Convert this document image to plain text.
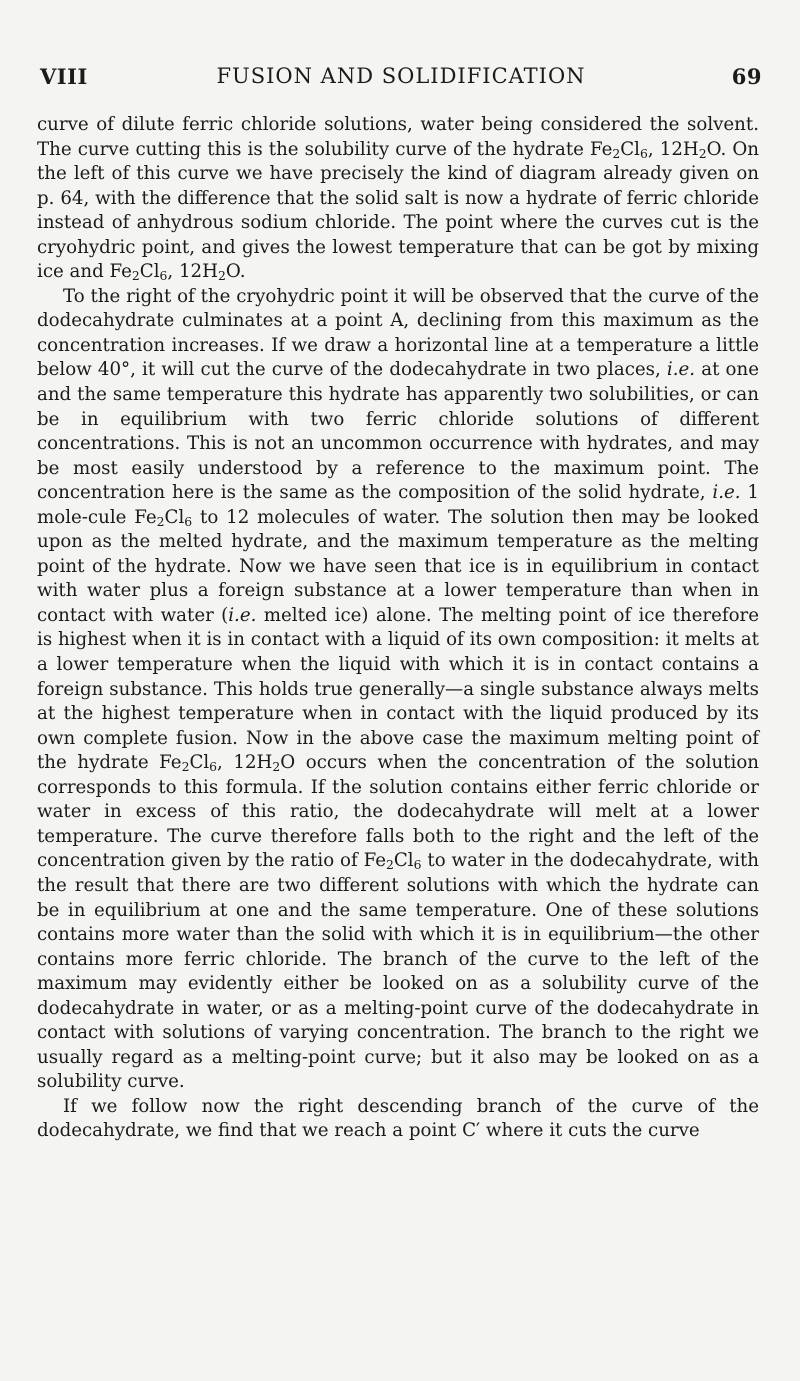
VIII	FUSION AND SOLIDIFICATION	69

curve of dilute ferric chloride solutions, water being considered the solvent. The curve cutting this is the solubility curve of the hydrate $Fe_2Cl_6$, $12H_2O$. On the left of this curve we have precisely the kind of diagram already given on p. 64, with the difference that the solid salt is now a hydrate of ferric chloride instead of anhydrous sodium chloride. The point where the curves cut is the cryohydric point, and gives the lowest temperature that can be got by mixing ice and $Fe_2Cl_6$, $12H_2O$.

To the right of the cryohydric point it will be observed that the curve of the dodecahydrate culminates at a point A, declining from this maximum as the concentration increases. If we draw a horizontal line at a temperature a little below 40°, it will cut the curve of the dodecahydrate in two places, i.e. at one and the same temperature this hydrate has apparently two solubilities, or can be in equilibrium with two ferric chloride solutions of different concentrations. This is not an uncommon occurrence with hydrates, and may be most easily understood by a reference to the maximum point. The concentration here is the same as the composition of the solid hydrate, i.e. 1 mole-cule $Fe_2Cl_6$ to 12 molecules of water. The solution then may be looked upon as the melted hydrate, and the maximum temperature as the melting point of the hydrate. Now we have seen that ice is in equilibrium in contact with water plus a foreign substance at a lower temperature than when in contact with water (i.e. melted ice) alone. The melting point of ice therefore is highest when it is in contact with a liquid of its own composition: it melts at a lower temperature when the liquid with which it is in contact contains a foreign substance. This holds true generally—a single substance always melts at the highest temperature when in contact with the liquid produced by its own complete fusion. Now in the above case the maximum melting point of the hydrate $Fe_2Cl_6$, $12H_2O$ occurs when the concentration of the solution corresponds to this formula. If the solution contains either ferric chloride or water in excess of this ratio, the dodecahydrate will melt at a lower temperature. The curve therefore falls both to the right and the left of the concentration given by the ratio of $Fe_2Cl_6$ to water in the dodecahydrate, with the result that there are two different solutions with which the hydrate can be in equilibrium at one and the same temperature. One of these solutions contains more water than the solid with which it is in equilibrium—the other contains more ferric chloride. The branch of the curve to the left of the maximum may evidently either be looked on as a solubility curve of the dodecahydrate in water, or as a melting-point curve of the dodecahydrate in contact with solutions of varying concentration. The branch to the right we usually regard as a melting-point curve; but it also may be looked on as a solubility curve.

If we follow now the right descending branch of the curve of the dodecahydrate, we find that we reach a point C′ where it cuts the curve
